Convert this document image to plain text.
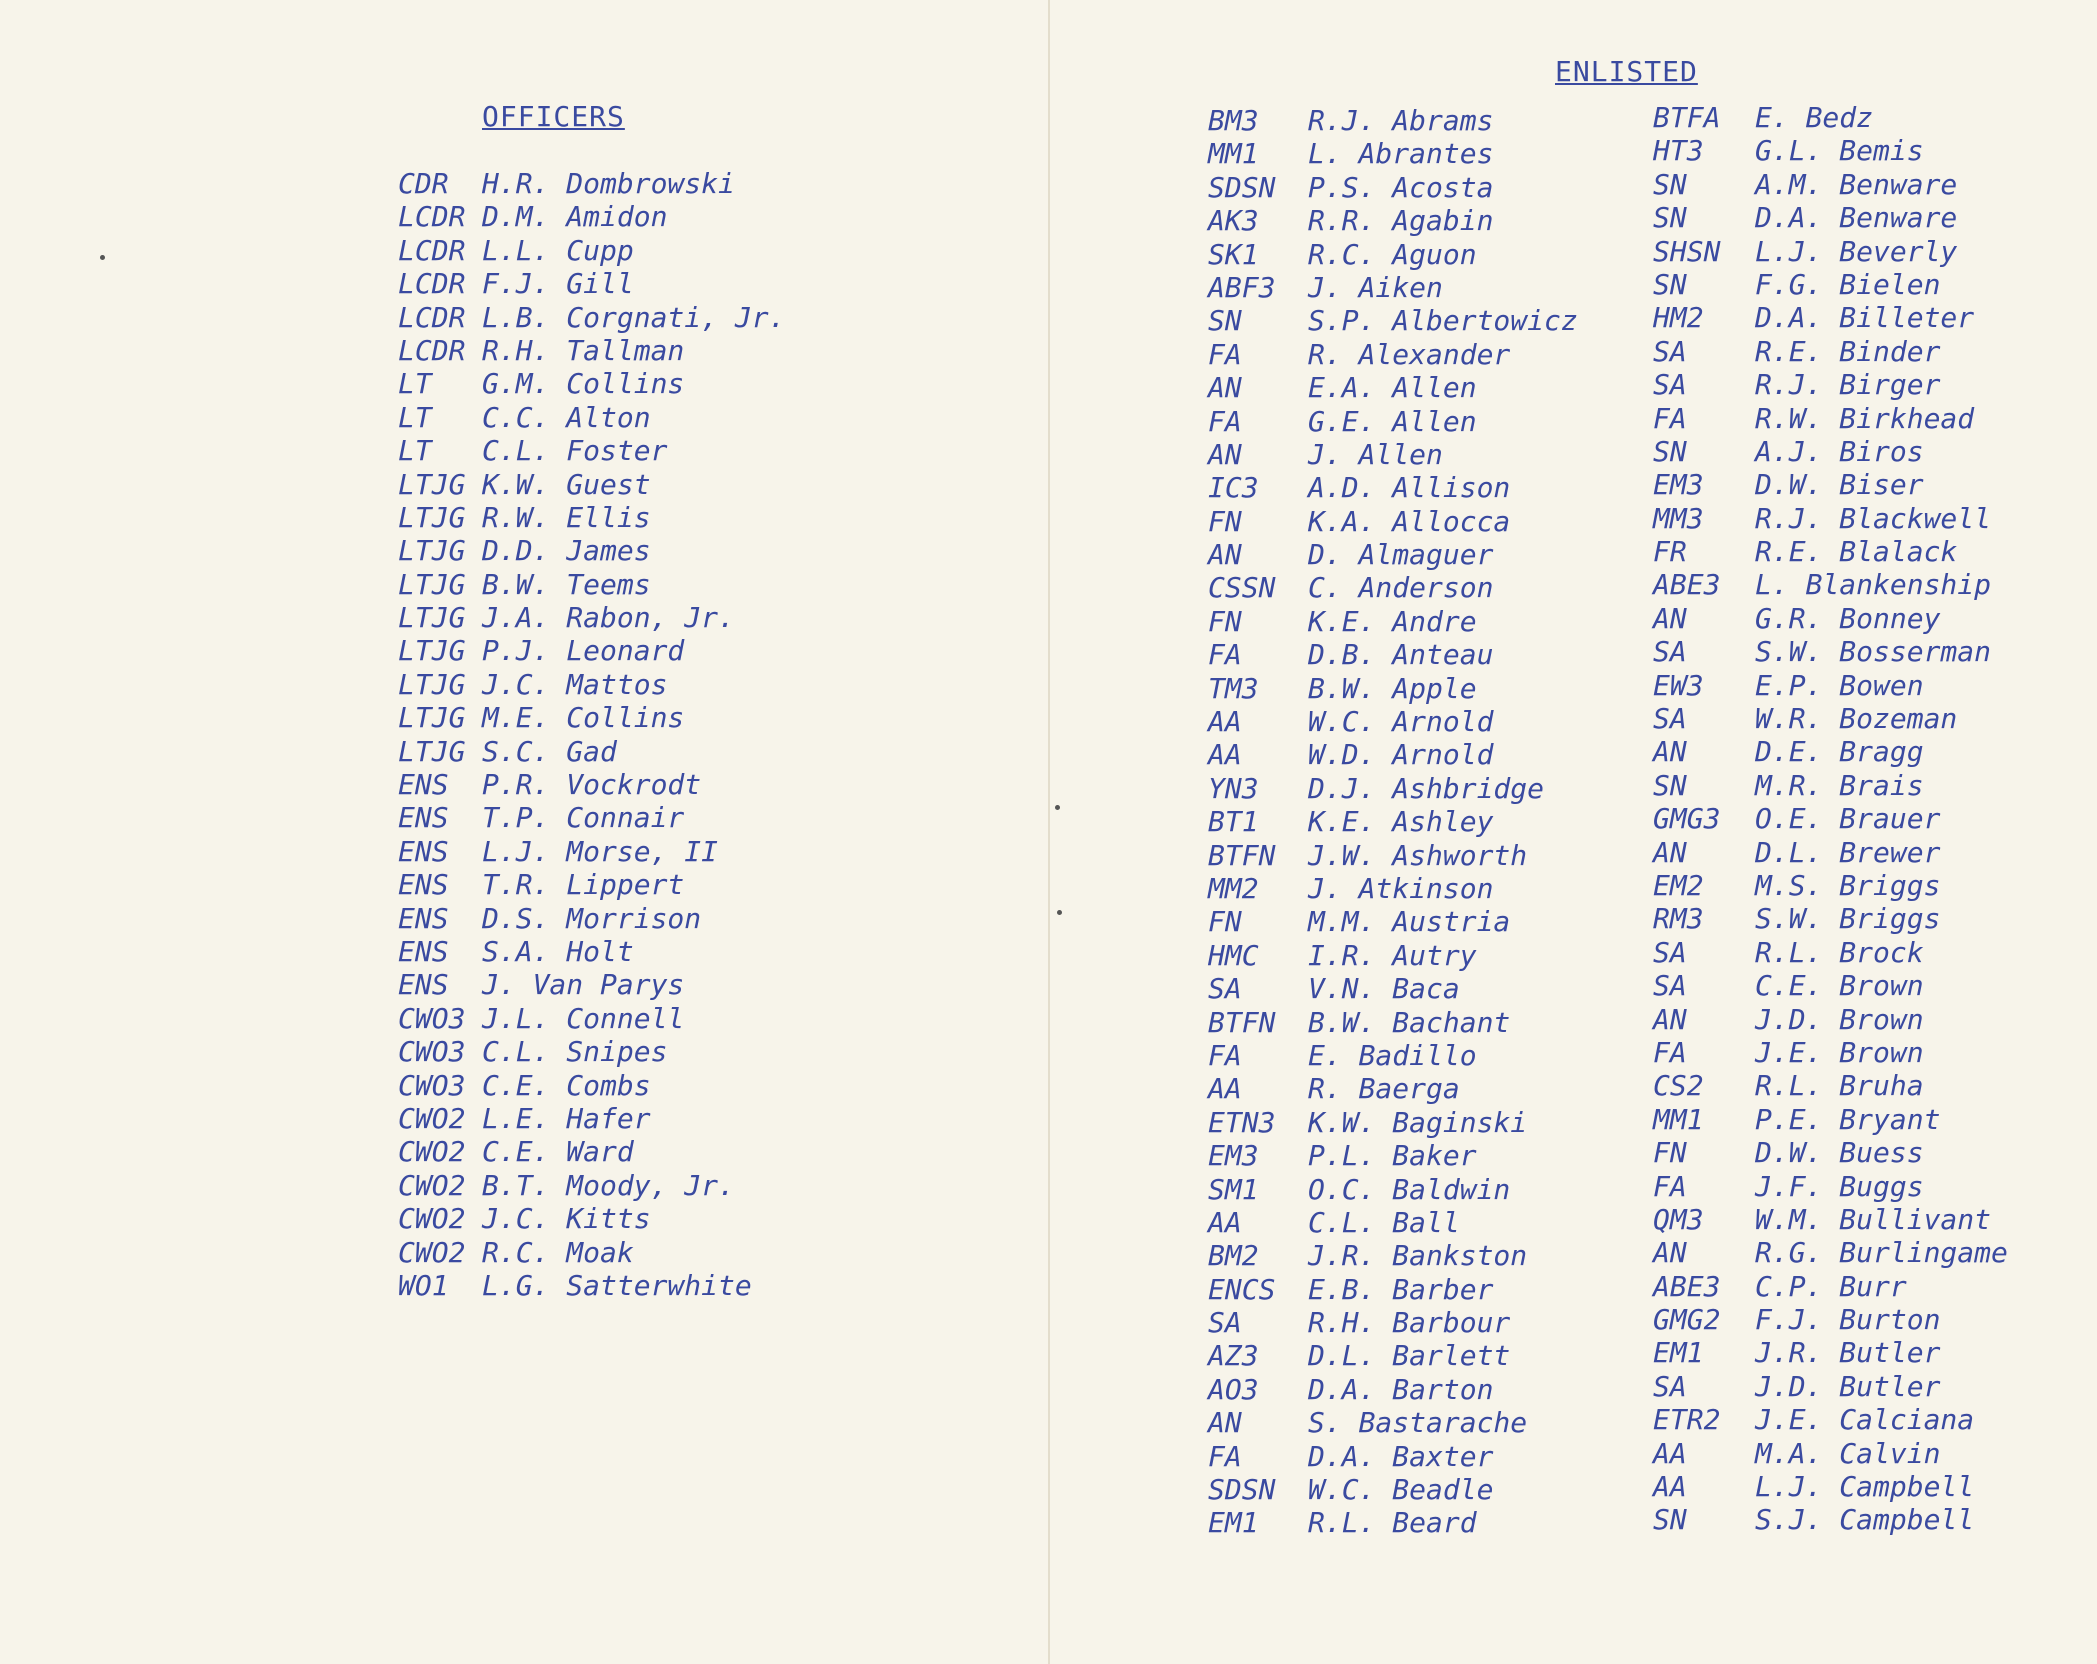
OFFICERS
CDR H.R. Dombrowski
LCDR D.M. Amidon
LCDR L.L. Cupp
LCDR F.J. Gill
LCDR L.B. Corgnati, Jr.
LCDR R.H. Tallman
LT G.M. Collins
LT C.C. Alton
LT C.L. Foster
LTJG K.W. Guest
LTJG R.W. Ellis
LTJG D.D. James
LTJG B.W. Teems
LTJG J.A. Rabon, Jr.
LTJG P.J. Leonard
LTJG J.C. Mattos
LTJG M.E. Collins
LTJG S.C. Gad
ENS P.R. Vockrodt
ENS T.P. Connair
ENS L.J. Morse, II
ENS T.R. Lippert
ENS D.S. Morrison
ENS S.A. Holt
ENS J. Van Parys
CWO3 J.L. Connell
CWO3 C.L. Snipes
CWO3 C.E. Combs
CWO2 L.E. Hafer
CWO2 C.E. Ward
CWO2 B.T. Moody, Jr.
CWO2 J.C. Kitts
CWO2 R.C. Moak
WO1 L.G. Satterwhite
ENLISTED
BM3 R.J. Abrams
MM1 L. Abrantes
SDSN P.S. Acosta
AK3 R.R. Agabin
SK1 R.C. Aguon
ABF3 J. Aiken
SN S.P. Albertowicz
FA R. Alexander
AN E.A. Allen
FA G.E. Allen
AN J. Allen
IC3 A.D. Allison
FN K.A. Allocca
AN D. Almaguer
CSSN C. Anderson
FN K.E. Andre
FA D.B. Anteau
TM3 B.W. Apple
AA W.C. Arnold
AA W.D. Arnold
YN3 D.J. Ashbridge
BT1 K.E. Ashley
BTFN J.W. Ashworth
MM2 J. Atkinson
FN M.M. Austria
HMC I.R. Autry
SA V.N. Baca
BTFN B.W. Bachant
FA E. Badillo
AA R. Baerga
ETN3 K.W. Baginski
EM3 P.L. Baker
SM1 O.C. Baldwin
AA C.L. Ball
BM2 J.R. Bankston
ENCS E.B. Barber
SA R.H. Barbour
AZ3 D.L. Barlett
AO3 D.A. Barton
AN S. Bastarache
FA D.A. Baxter
SDSN W.C. Beadle
EM1 R.L. Beard
BTFA E. Bedz
HT3 G.L. Bemis
SN A.M. Benware
SN D.A. Benware
SHSN L.J. Beverly
SN F.G. Bielen
HM2 D.A. Billeter
SA R.E. Binder
SA R.J. Birger
FA R.W. Birkhead
SN A.J. Biros
EM3 D.W. Biser
MM3 R.J. Blackwell
FR R.E. Blalack
ABE3 L. Blankenship
AN G.R. Bonney
SA S.W. Bosserman
EW3 E.P. Bowen
SA W.R. Bozeman
AN D.E. Bragg
SN M.R. Brais
GMG3 O.E. Brauer
AN D.L. Brewer
EM2 M.S. Briggs
RM3 S.W. Briggs
SA R.L. Brock
SA C.E. Brown
AN J.D. Brown
FA J.E. Brown
CS2 R.L. Bruha
MM1 P.E. Bryant
FN D.W. Buess
FA J.F. Buggs
QM3 W.M. Bullivant
AN R.G. Burlingame
ABE3 C.P. Burr
GMG2 F.J. Burton
EM1 J.R. Butler
SA J.D. Butler
ETR2 J.E. Calciana
AA M.A. Calvin
AA L.J. Campbell
SN S.J. Campbell
